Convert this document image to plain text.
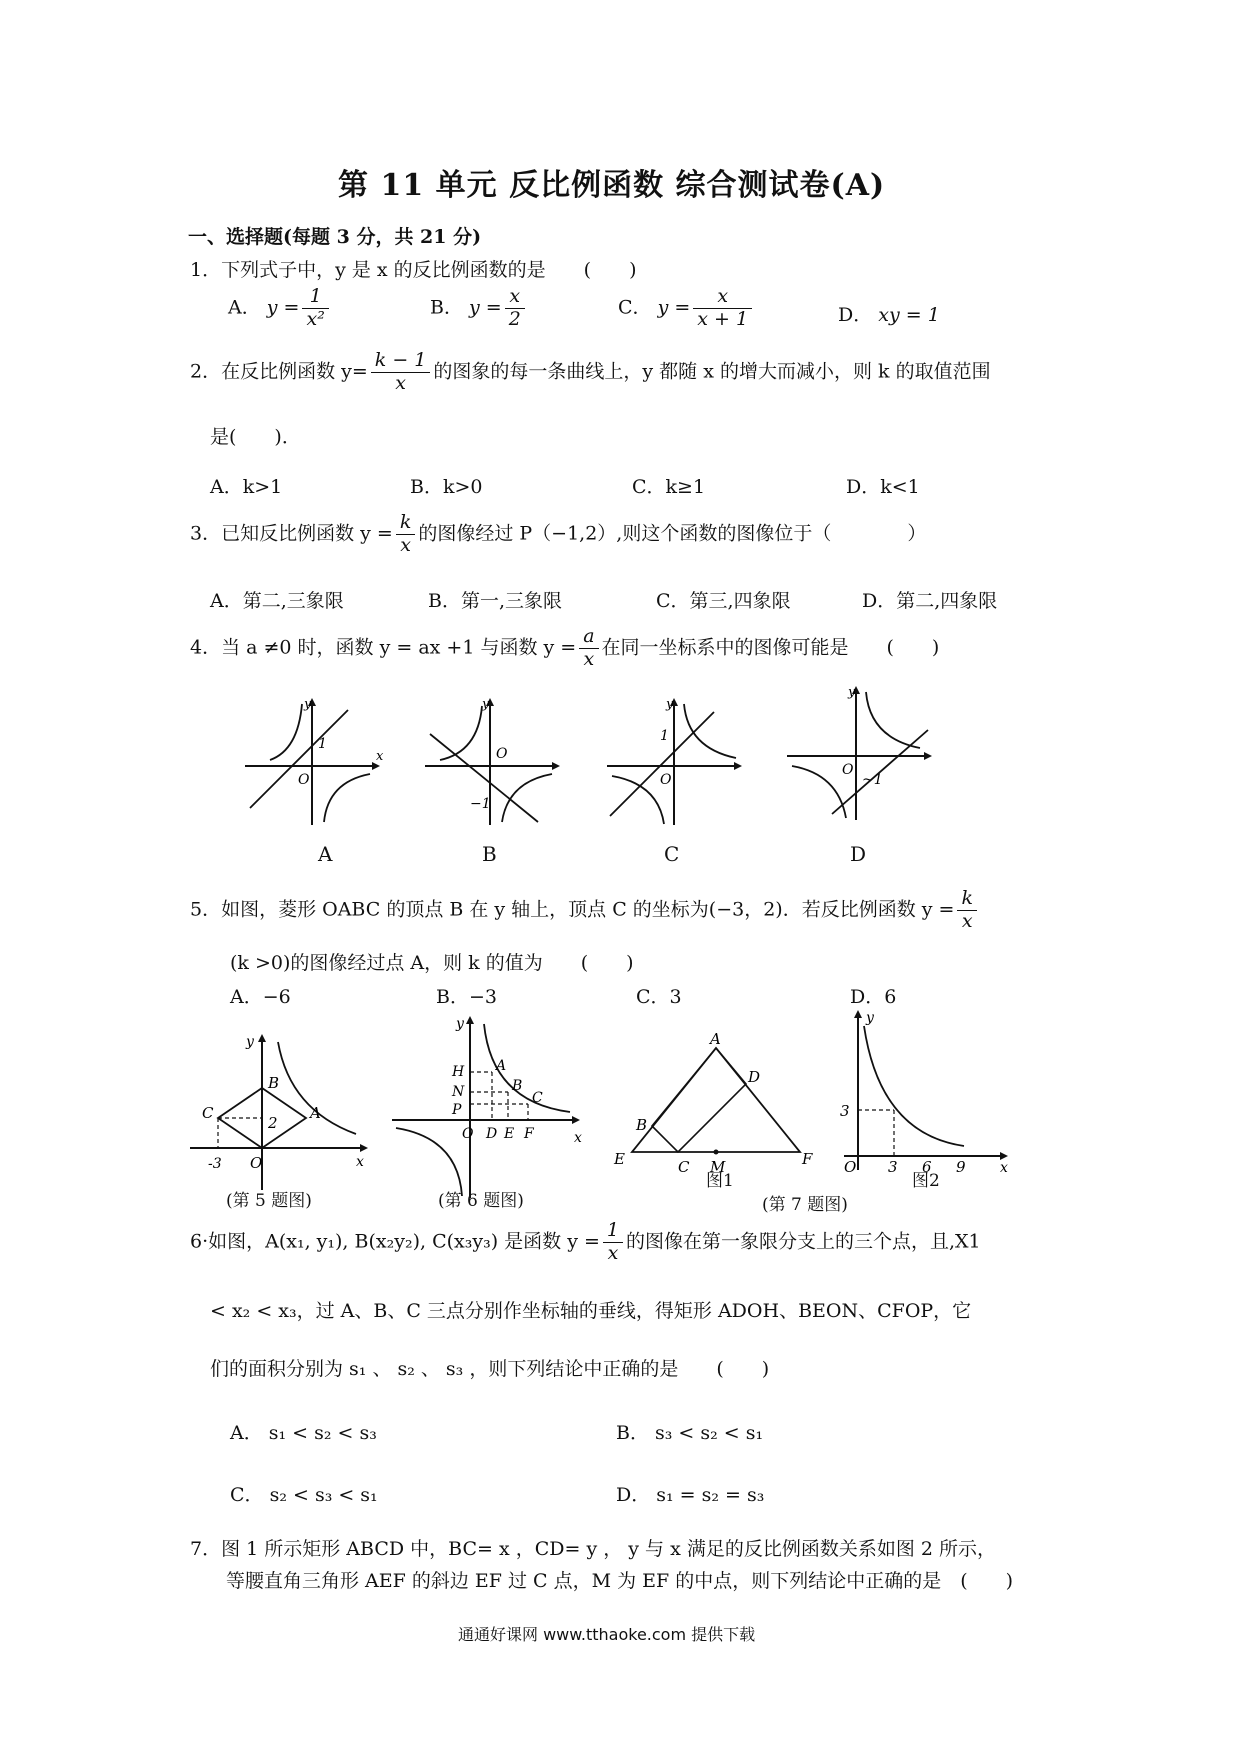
第 11 单元 反比例函数 综合测试卷(A)
一、选择题(每题 3 分，共 21 分)
1．下列式子中，y 是 x 的反比例函数的是　　(　　)
A． $y = \frac{1}{\text{x²}}$	B． $y = \frac{x}{2}$	C． $y = \frac{x}{x + 1}$	D． xy = 1
2．在反比例函数 $y= \frac{k - 1}{x}$ 的图象的每一条曲线上，y 都随 x 的增大而减小，则 k 的取值范围
是(　　)．
A．k>1	B．k>0	C．k≥1	D．k<1
3．已知反比例函数 $y = \frac{k}{x}$ 的图像经过 P（−1,2）,则这个函数的图像位于（　　　　）
A．第二,三象限	B．第一,三象限	C．第三,四象限	D．第二,四象限
4．当 a ≠0 时，函数 y = ax +1 与函数 $y = \frac{a}{x}$ 在同一坐标系中的图像可能是　　(　　)
y
x
O
1
y
O
−1
y
O
1
y
O
~1
A	B	C	D
5．如图，菱形 OABC 的顶点 B 在 y 轴上，顶点 C 的坐标为(−3，2)．若反比例函数 $y = \frac{k}{x}$
(k >0)的图像经过点 A，则 k 的值为　　(　　)
A．−6	B．−3	C．3	D．6
y
x
C
B
A
2
O
-3
y
x
H
N
P
A
B
C
O D E F
A
D
B
C M
E	F
y
x
3
O 3 6 9
(第 5 题图)	(第 6 题图)
图1	图2
(第 7 题图)
6·如图，A(x₁, y₁), B(x₂y₂), C(x₃y₃) 是函数 $y = \frac{1}{x}$ 的图像在第一象限分支上的三个点，且,X1
< x₂ < x₃，过 A、B、C 三点分别作坐标轴的垂线，得矩形 ADOH、BEON、CFOP，它
们的面积分别为 s₁ 、 s₂ 、 s₃ ，则下列结论中正确的是　　(　　)
A． s₁ < s₂ < s₃	B． s₃ < s₂ < s₁
C． s₂ < s₃ < s₁	D． s₁ = s₂ = s₃
7．图 1 所示矩形 ABCD 中，BC= x ，CD= y ， y 与 x 满足的反比例函数关系如图 2 所示，
等腰直角三角形 AEF 的斜边 EF 过 C 点，M 为 EF 的中点，则下列结论中正确的是　(　　)
通通好课网 www.tthaoke.com 提供下载
